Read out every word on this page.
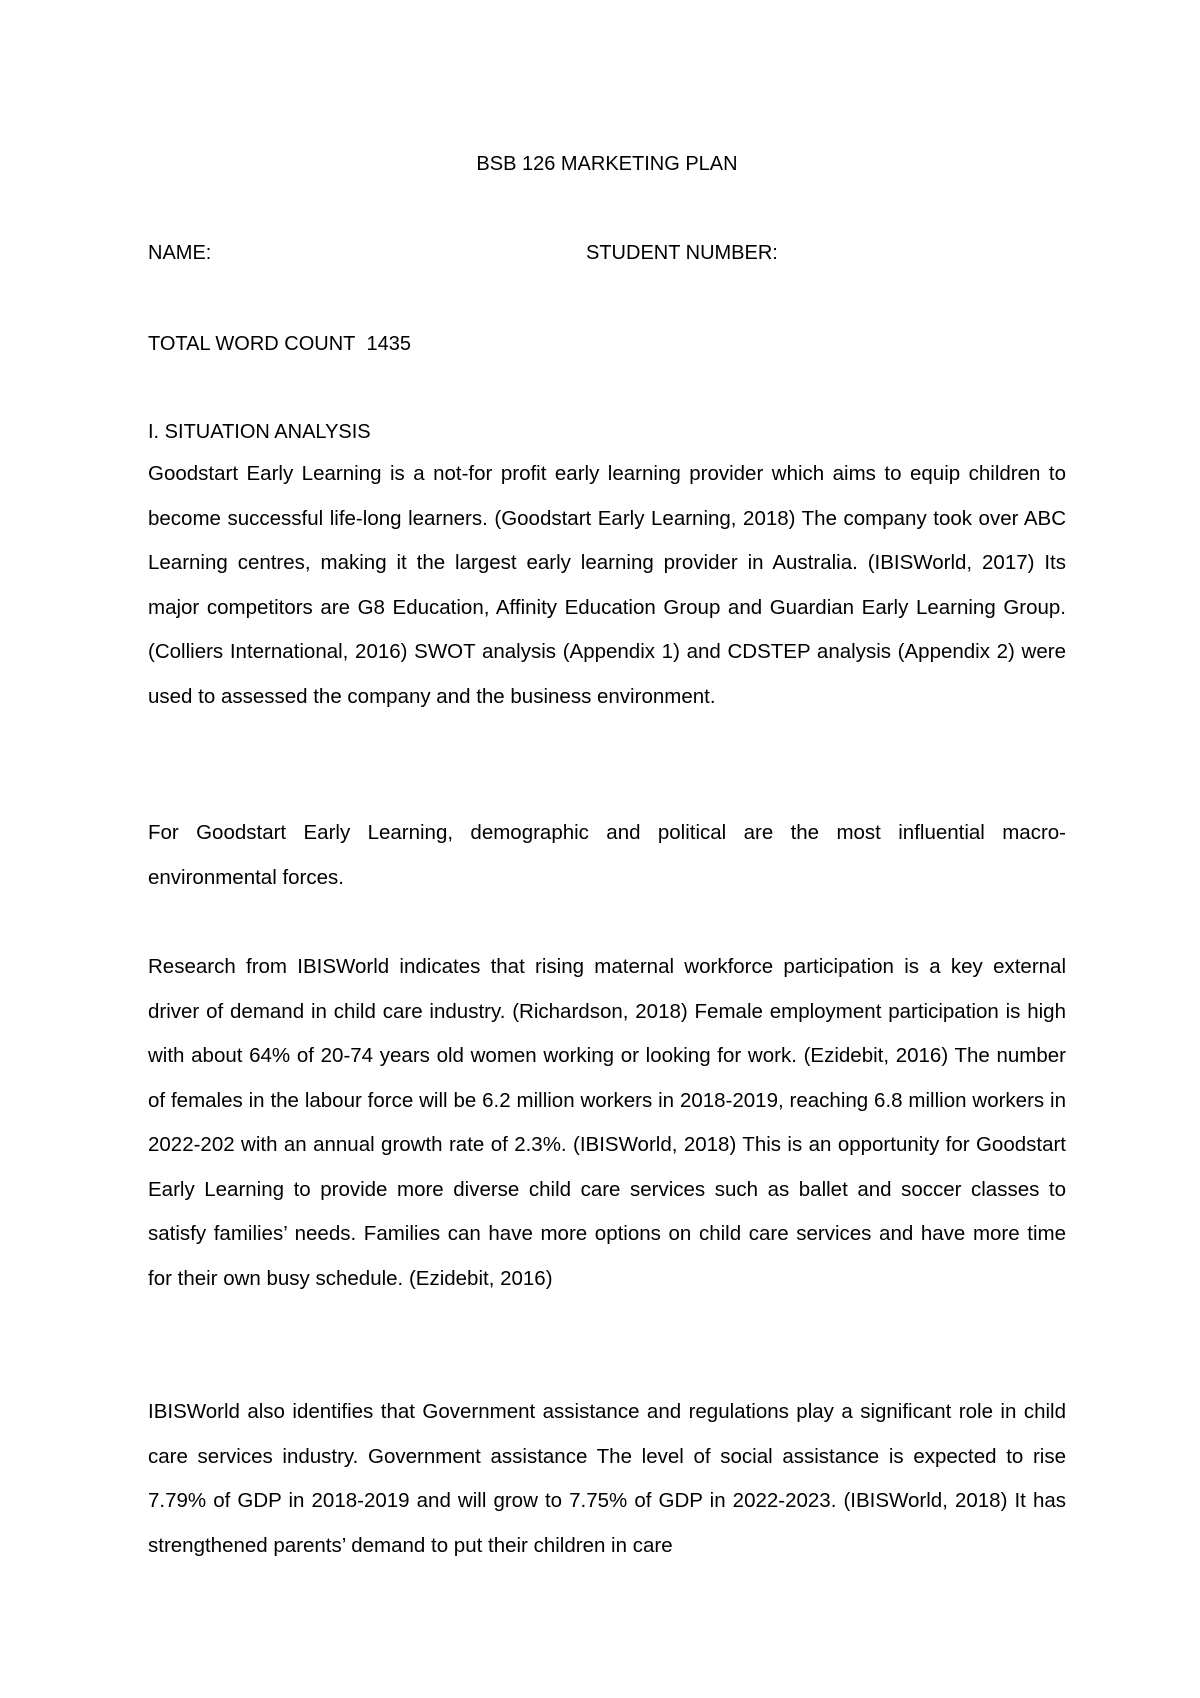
BSB 126 MARKETING PLAN
NAME:	STUDENT NUMBER:
TOTAL WORD COUNT 1435
I. SITUATION ANALYSIS

Goodstart Early Learning is a not-for profit early learning provider which aims to equip children to become successful life-long learners. (Goodstart Early Learning, 2018) The company took over ABC Learning centres, making it the largest early learning provider in Australia. (IBISWorld, 2017) Its major competitors are G8 Education, Affinity Education Group and Guardian Early Learning Group. (Colliers International, 2016) SWOT analysis (Appendix 1) and CDSTEP analysis (Appendix 2) were used to assessed the company and the business environment.

For Goodstart Early Learning, demographic and political are the most influential macro-environmental forces.

Research from IBISWorld indicates that rising maternal workforce participation is a key external driver of demand in child care industry. (Richardson, 2018) Female employment participation is high with about 64% of 20-74 years old women working or looking for work. (Ezidebit, 2016) The number of females in the labour force will be 6.2 million workers in 2018-2019, reaching 6.8 million workers in 2022-202 with an annual growth rate of 2.3%. (IBISWorld, 2018) This is an opportunity for Goodstart Early Learning to provide more diverse child care services such as ballet and soccer classes to satisfy families’ needs. Families can have more options on child care services and have more time for their own busy schedule. (Ezidebit, 2016)

IBISWorld also identifies that Government assistance and regulations play a significant role in child care services industry. Government assistance The level of social assistance is expected to rise 7.79% of GDP in 2018-2019 and will grow to 7.75% of GDP in 2022-2023. (IBISWorld, 2018) It has strengthened parents’ demand to put their children in care
